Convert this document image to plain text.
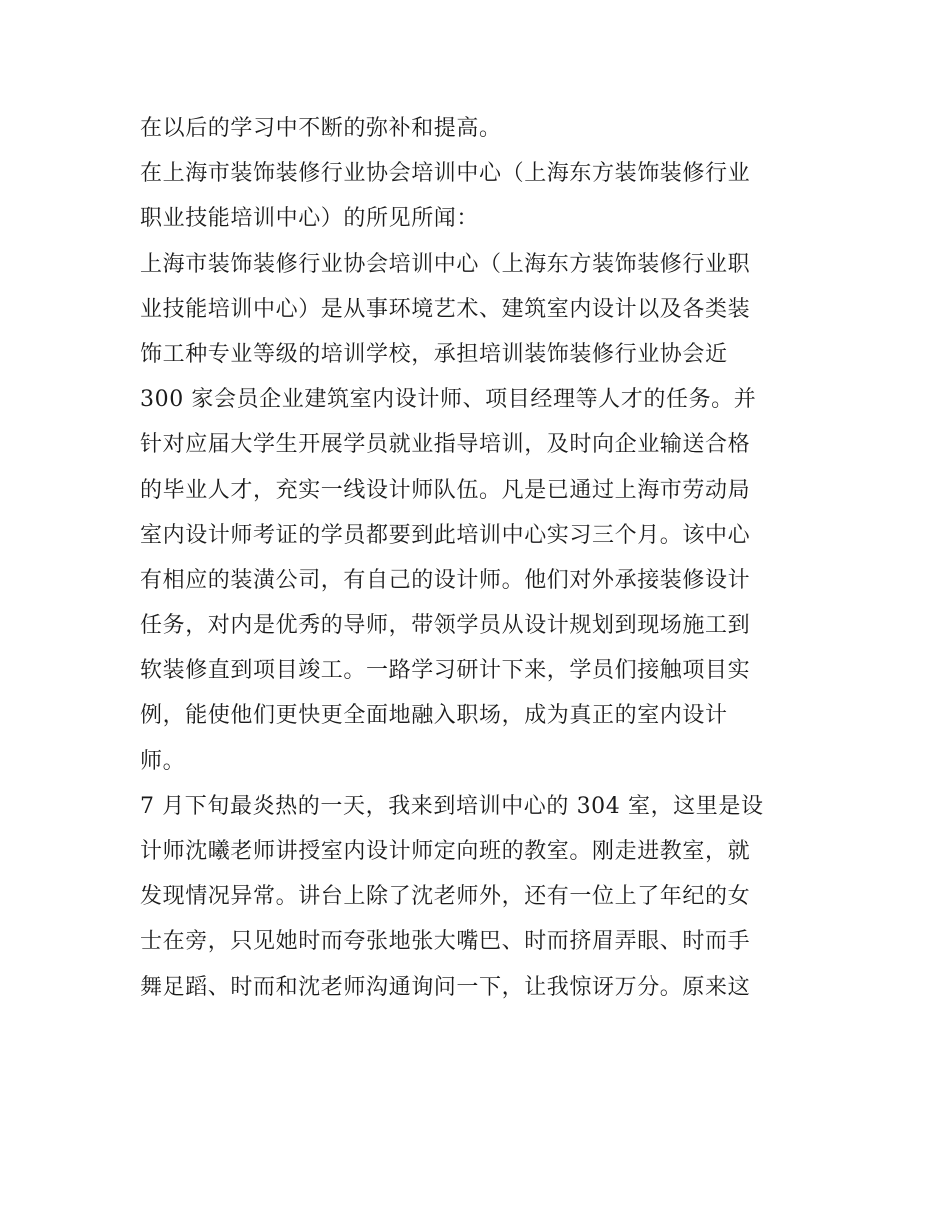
在以后的学习中不断的弥补和提高。
在上海市装饰装修行业协会培训中心（上海东方装饰装修行业
职业技能培训中心）的所见所闻：
上海市装饰装修行业协会培训中心（上海东方装饰装修行业职
业技能培训中心）是从事环境艺术、建筑室内设计以及各类装
饰工种专业等级的培训学校，承担培训装饰装修行业协会近
300 家会员企业建筑室内设计师、项目经理等人才的任务。并
针对应届大学生开展学员就业指导培训，及时向企业输送合格
的毕业人才，充实一线设计师队伍。凡是已通过上海市劳动局
室内设计师考证的学员都要到此培训中心实习三个月。该中心
有相应的装潢公司，有自己的设计师。他们对外承接装修设计
任务，对内是优秀的导师，带领学员从设计规划到现场施工到
软装修直到项目竣工。一路学习研计下来，学员们接触项目实
例，能使他们更快更全面地融入职场，成为真正的室内设计
师。
7 月下旬最炎热的一天，我来到培训中心的 304 室，这里是设
计师沈曦老师讲授室内设计师定向班的教室。刚走进教室，就
发现情况异常。讲台上除了沈老师外，还有一位上了年纪的女
士在旁，只见她时而夸张地张大嘴巴、时而挤眉弄眼、时而手
舞足蹈、时而和沈老师沟通询问一下，让我惊讶万分。原来这
